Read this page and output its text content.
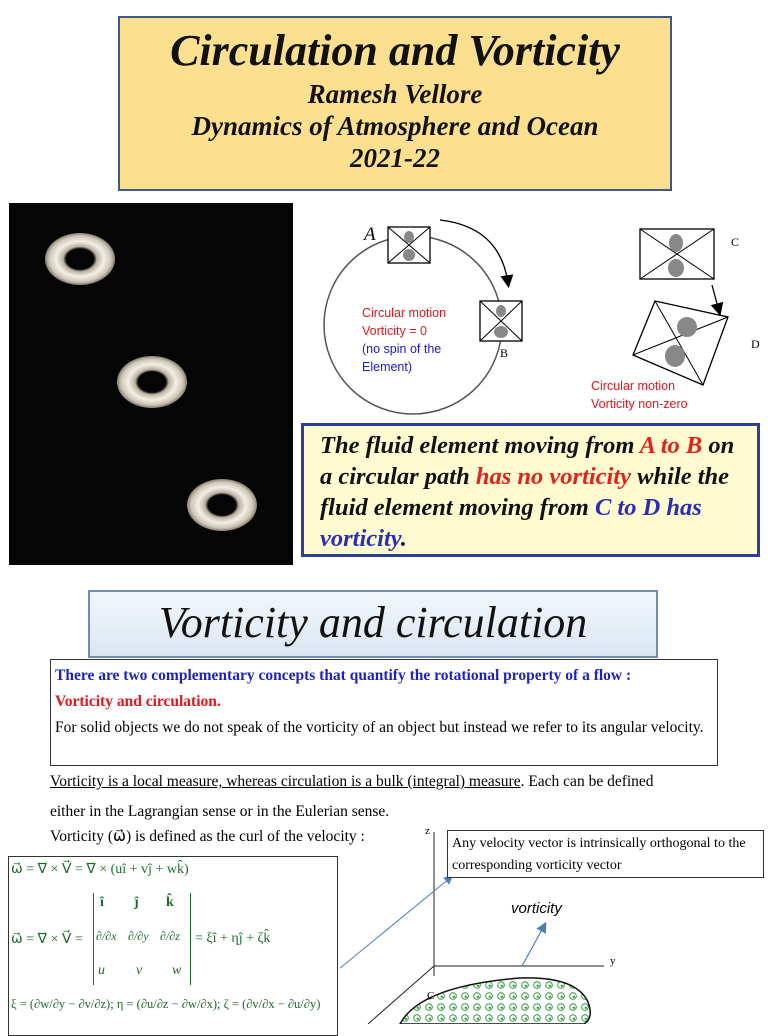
Circulation and Vorticity
Ramesh Vellore
Dynamics of Atmosphere and Ocean
2021-22
A
B
C
D
Circular motion
Vorticity = 0
(no spin of the
Element)
Circular motion
Vorticity non-zero
The fluid element moving from A to B on a circular path has no vorticity while the fluid element moving from C to D has vorticity.
Vorticity and circulation
There are two complementary concepts that quantify the rotational property of a flow :
Vorticity and circulation.
For solid objects we do not speak of the vorticity of an object but instead we refer to its angular velocity.
Vorticity is a local measure, whereas circulation is a bulk (integral) measure. Each can be defined
either in the Lagrangian sense or in the Eulerian sense.
Vorticity (ω⃗) is defined as the curl of the velocity :
ω⃗ = ∇ × V⃗ = ∇ × (uî + vĵ + wk̂)
ω⃗ = ∇ × V⃗ =
î ĵ k̂
∂/∂x ∂/∂y ∂/∂z
u v w
= ξî + ηĵ + ζk̂
ξ = (∂w/∂y − ∂v/∂z); η = (∂u/∂z − ∂w/∂x); ζ = (∂v/∂x − ∂u/∂y)
Any velocity vector is intrinsically orthogonal to the corresponding vorticity vector
vorticity
z
y
C
